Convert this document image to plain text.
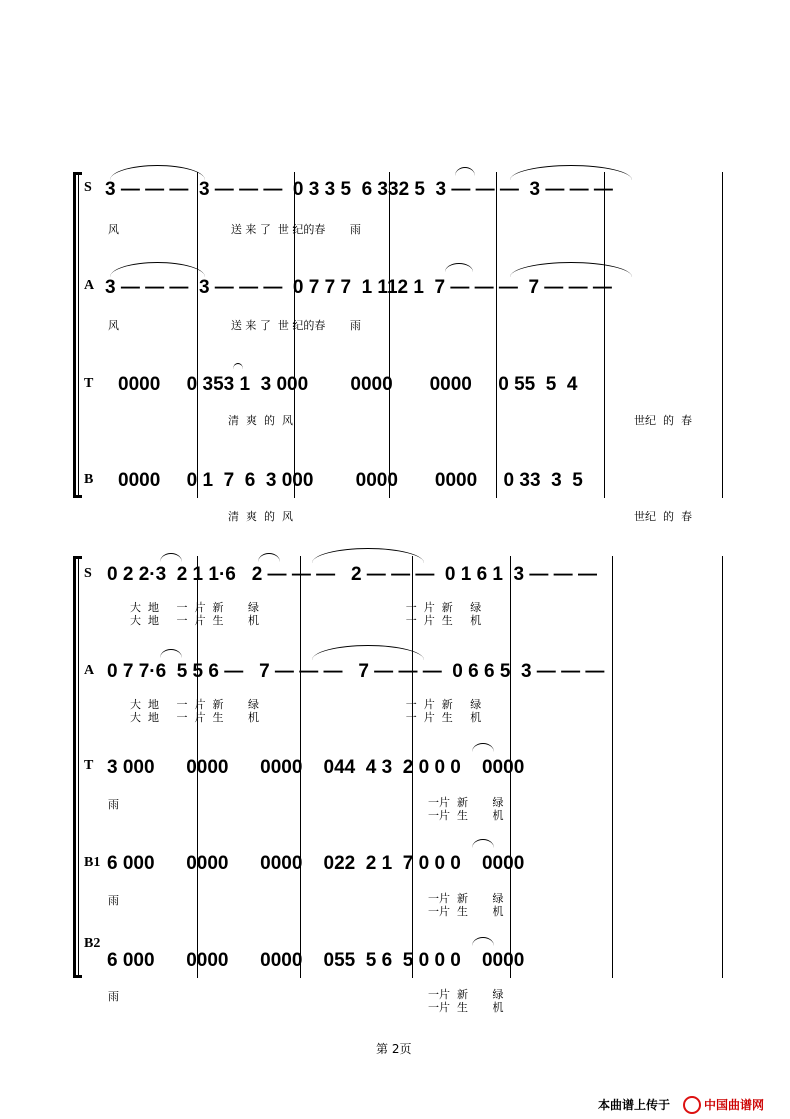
S 3 — — —  3 — — —  0 3 3 5  6 332 5  3 — — —  3 — — —
风                                送 来 了  世 纪的春       雨
A 3 — — —  3 — — —  0 7 7 7  1 112 1  7 — — —  7 — — —
风                                送 来 了  世 纪的春       雨
T 0000     0 353 1  3 000        0000       0000     0 55  5  4
清  爽  的  风	世纪  的  春
B 0000     0 1  7  6  3 000        0000       0000     0 33  3  5
清  爽  的  风	世纪  的  春
S 0 2 2·3  2 1 1·6   2 — — —   2 — — —  0 1 6 1  3 — — —
大  地     一  片  新       绿                                          一  片  新     绿
大  地     一  片  生       机                                          一  片  生     机
A 0 7 7·6  5 5 6 —   7 — — —   7 — — —  0 6 6 5  3 — — —
大  地     一  片  新       绿                                          一  片  新     绿
大  地     一  片  生       机                                          一  片  生     机
T 3 000      0000      0000    044  4 3  2 0 0 0    0000
雨	一片  新       绿
一片  生       机
B1 6 000      0000      0000    022  2 1  7 0 0 0    0000
雨	一片  新       绿
一片  生       机
B2
6 000      0000      0000    055  5 6  5 0 0 0    0000
雨	一片  新       绿
一片  生       机
第 2页
本曲谱上传于	中国曲谱网
